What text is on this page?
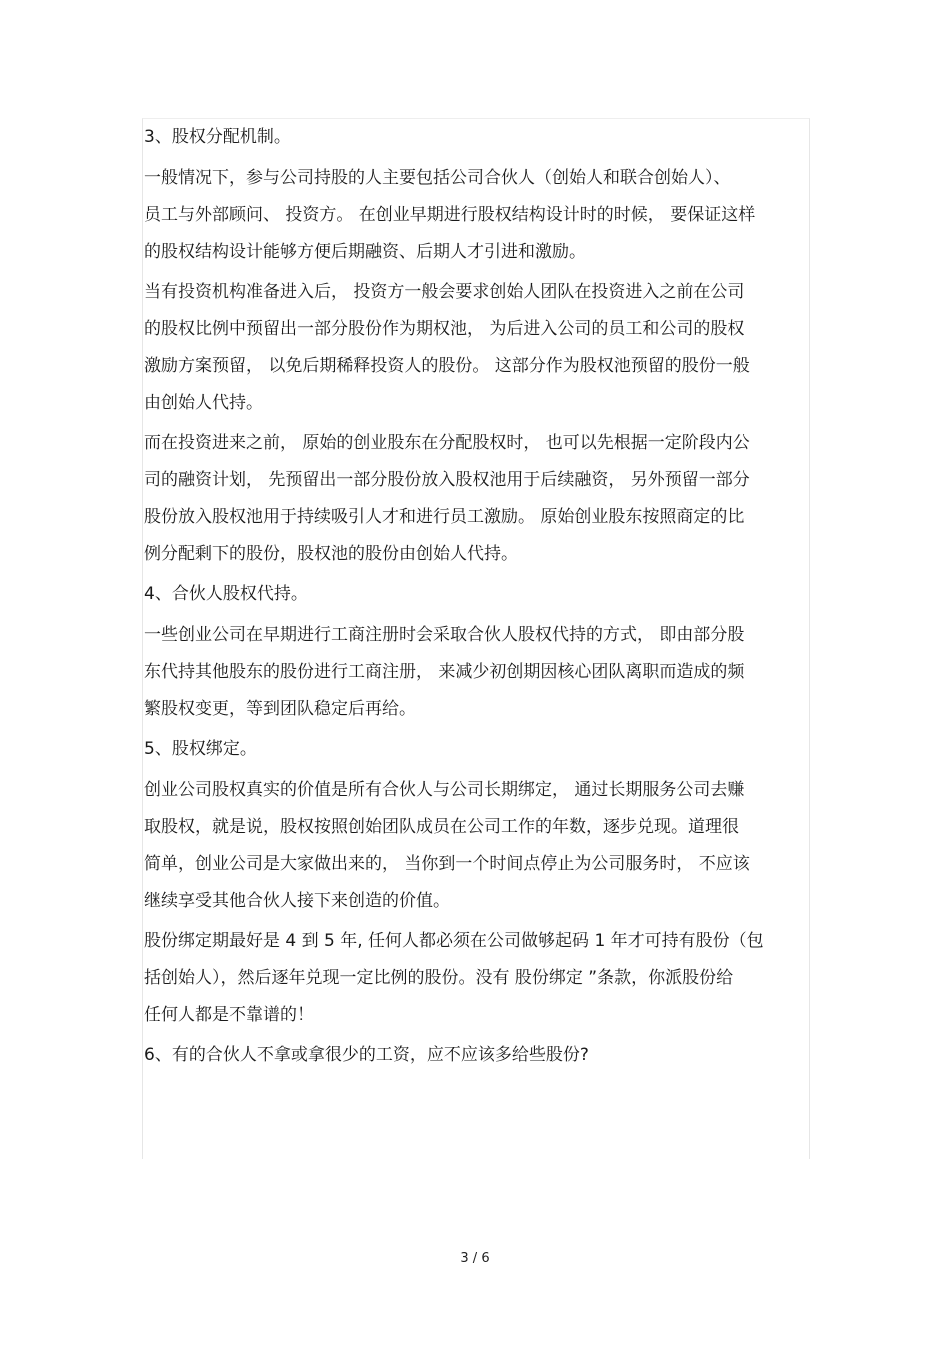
3、股权分配机制。
一般情况下，参与公司持股的人主要包括公司合伙人（创始人和联合创始人）、
员工与外部顾问、 投资方。 在创业早期进行股权结构设计时的时候， 要保证这样
的股权结构设计能够方便后期融资、后期人才引进和激励。
当有投资机构准备进入后， 投资方一般会要求创始人团队在投资进入之前在公司
的股权比例中预留出一部分股份作为期权池， 为后进入公司的员工和公司的股权
激励方案预留， 以免后期稀释投资人的股份。 这部分作为股权池预留的股份一般
由创始人代持。
而在投资进来之前， 原始的创业股东在分配股权时， 也可以先根据一定阶段内公
司的融资计划， 先预留出一部分股份放入股权池用于后续融资， 另外预留一部分
股份放入股权池用于持续吸引人才和进行员工激励。 原始创业股东按照商定的比
例分配剩下的股份，股权池的股份由创始人代持。
4、合伙人股权代持。
一些创业公司在早期进行工商注册时会采取合伙人股权代持的方式， 即由部分股
东代持其他股东的股份进行工商注册， 来减少初创期因核心团队离职而造成的频
繁股权变更，等到团队稳定后再给。
5、股权绑定。
创业公司股权真实的价值是所有合伙人与公司长期绑定， 通过长期服务公司去赚
取股权，就是说，股权按照创始团队成员在公司工作的年数，逐步兑现。道理很
简单，创业公司是大家做出来的， 当你到一个时间点停止为公司服务时， 不应该
继续享受其他合伙人接下来创造的价值。
股份绑定期最好是 4 到 5 年, 任何人都必须在公司做够起码 1 年才可持有股份（包
括创始人），然后逐年兑现一定比例的股份。没有 股份绑定 ”条款，你派股份给
任何人都是不靠谱的！
6、有的合伙人不拿或拿很少的工资，应不应该多给些股份?
3 / 6
